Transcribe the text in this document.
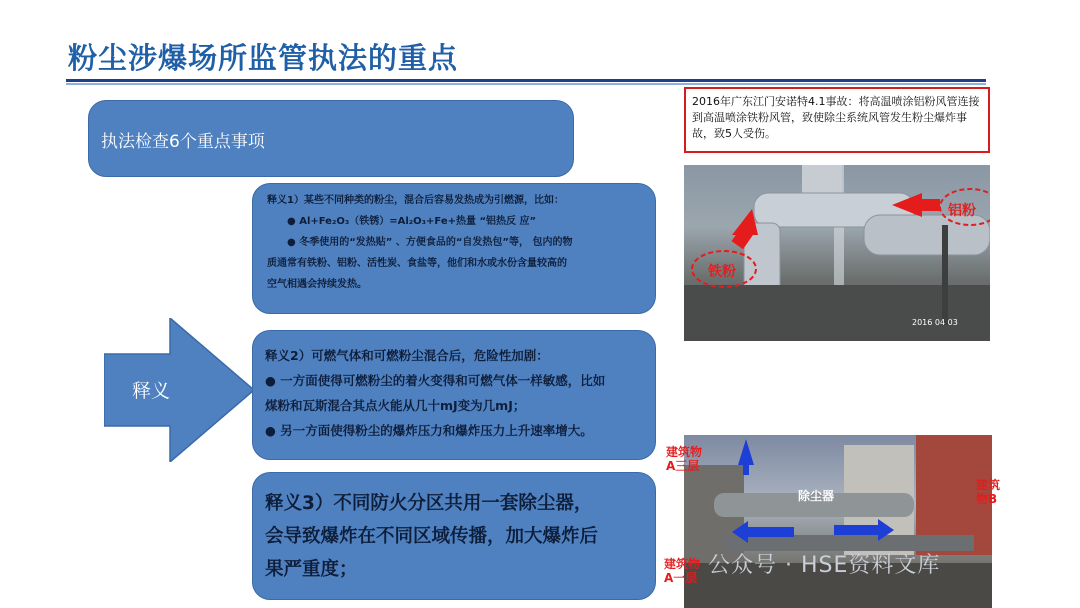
粉尘涉爆场所监管执法的重点
执法检查6个重点事项
释义
释义1）某些不同种类的粉尘，混合后容易发热成为引燃源，比如：
● Al+Fe₂O₃（铁锈）=Al₂O₃+Fe+热量 “铝热反 应”
● 冬季使用的“发热贴” 、方便食品的“自发热包”等， 包内的物
质通常有铁粉、铝粉、活性炭、食盐等，他们和水或水份含量较高的
空气相遇会持续发热。
释义2）可燃气体和可燃粉尘混合后，危险性加剧：
● 一方面使得可燃粉尘的着火变得和可燃气体一样敏感，比如
煤粉和瓦斯混合其点火能从几十mJ变为几mJ；
● 另一方面使得粉尘的爆炸压力和爆炸压力上升速率增大。
释义3）不同防火分区共用一套除尘器，
会导致爆炸在不同区域传播，加大爆炸后
果严重度；
2016年广东江门安诺特4.1事故：将高温喷涂铝粉风管连接到高温喷涂铁粉风管，致使除尘系统风管发生粉尘爆炸事故，致5人受伤。
铝粉
铁粉
2016 04 03
建筑物A三层
建筑物A一层
建筑物B
除尘器
公众号 · HSE资料文库
